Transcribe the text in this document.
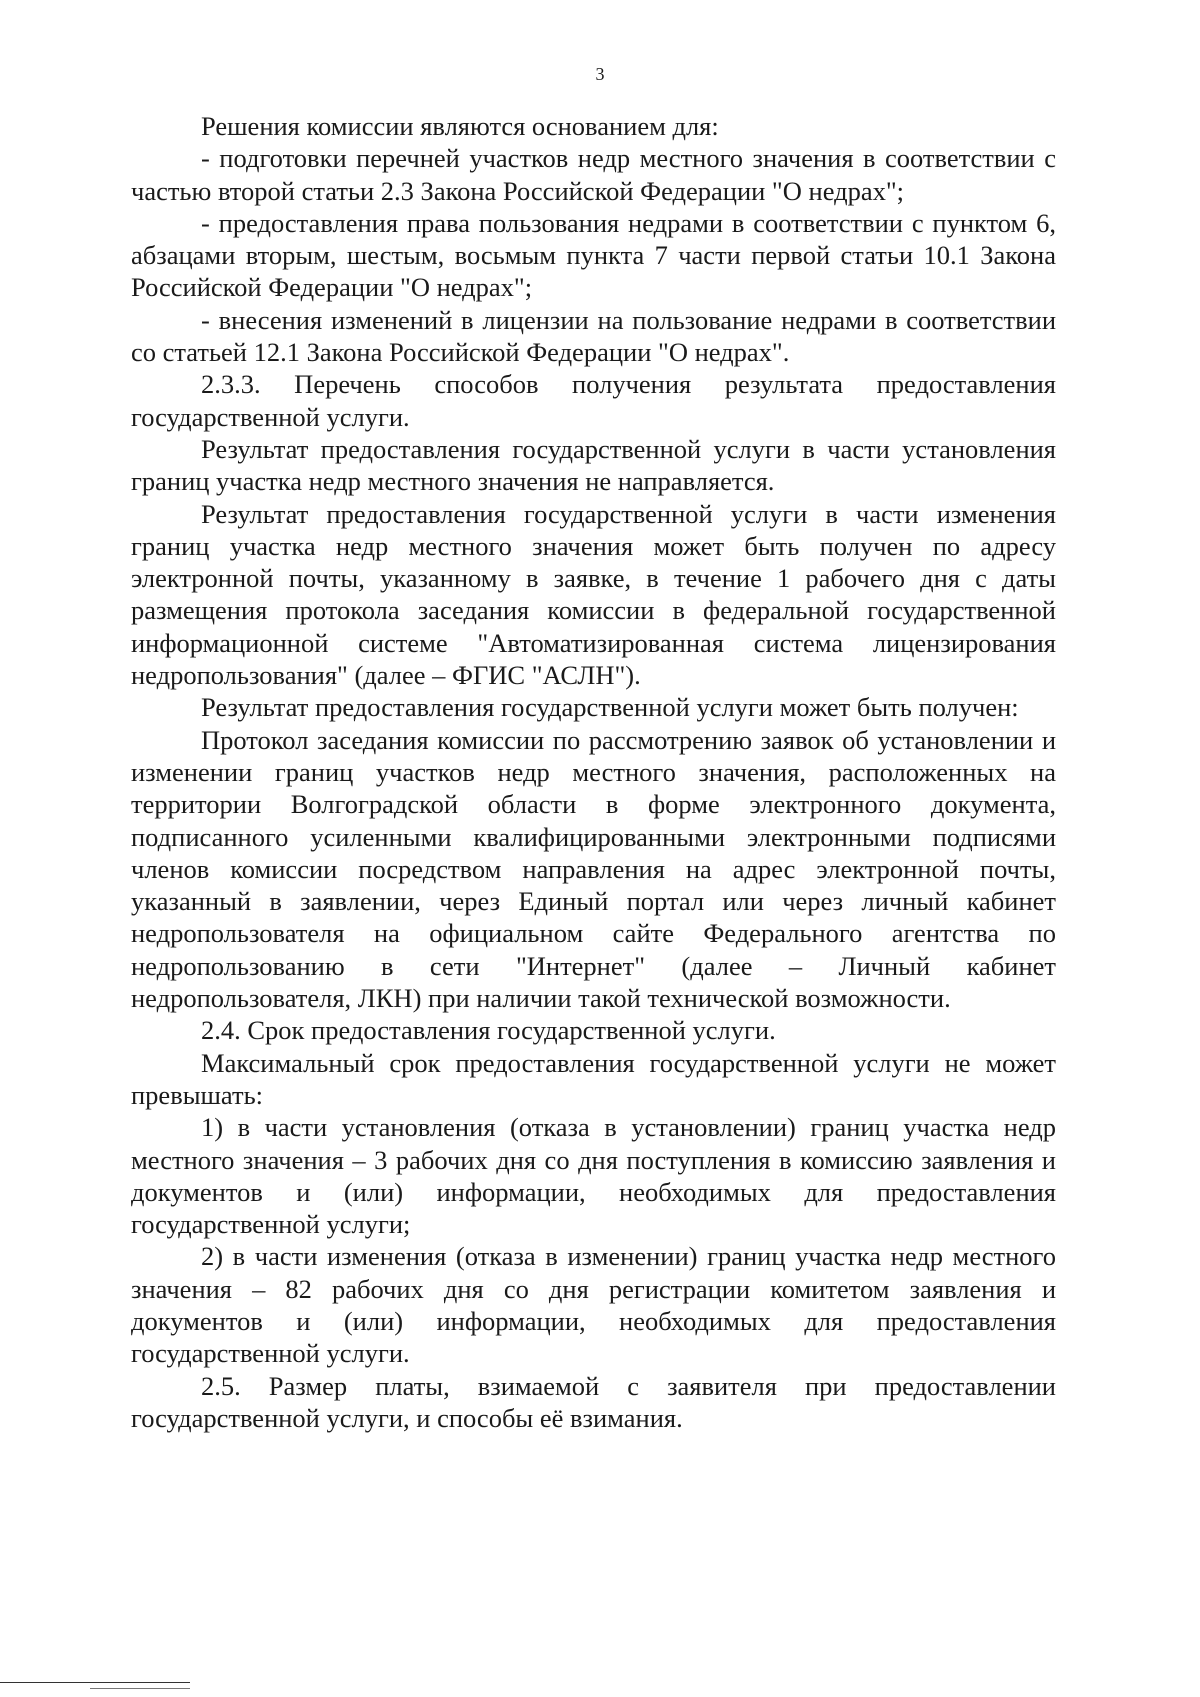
3

Решения комиссии являются основанием для:

- подготовки перечней участков недр местного значения в соответствии с частью второй статьи 2.3 Закона Российской Федерации "О недрах";

- предоставления права пользования недрами в соответствии с пунктом 6, абзацами вторым, шестым, восьмым пункта 7 части первой статьи 10.1 Закона Российской Федерации "О недрах";

- внесения изменений в лицензии на пользование недрами в соответствии со статьей 12.1 Закона Российской Федерации "О недрах".

2.3.3. Перечень способов получения результата предоставления государственной услуги.

Результат предоставления государственной услуги в части установления границ участка недр местного значения не направляется.

Результат предоставления государственной услуги в части изменения границ участка недр местного значения может быть получен по адресу электронной почты, указанному в заявке, в течение 1 рабочего дня с даты размещения протокола заседания комиссии в федеральной государственной информационной системе "Автоматизированная система лицензирования недропользования" (далее – ФГИС "АСЛН").

Результат предоставления государственной услуги может быть получен:

Протокол заседания комиссии по рассмотрению заявок об установлении и изменении границ участков недр местного значения, расположенных на территории Волгоградской области в форме электронного документа, подписанного усиленными квалифицированными электронными подписями членов комиссии посредством направления на адрес электронной почты, указанный в заявлении, через Единый портал или через личный кабинет недропользователя на официальном сайте Федерального агентства по недропользованию в сети "Интернет" (далее – Личный кабинет недропользователя, ЛКН) при наличии такой технической возможности.

2.4. Срок предоставления государственной услуги.

Максимальный срок предоставления государственной услуги не может превышать:

1) в части установления (отказа в установлении) границ участка недр местного значения – 3 рабочих дня со дня поступления в комиссию заявления и документов и (или) информации, необходимых для предоставления государственной услуги;

2) в части изменения (отказа в изменении) границ участка недр местного значения – 82 рабочих дня со дня регистрации комитетом заявления и документов и (или) информации, необходимых для предоставления государственной услуги.

2.5. Размер платы, взимаемой с заявителя при предоставлении государственной услуги, и способы её взимания.
